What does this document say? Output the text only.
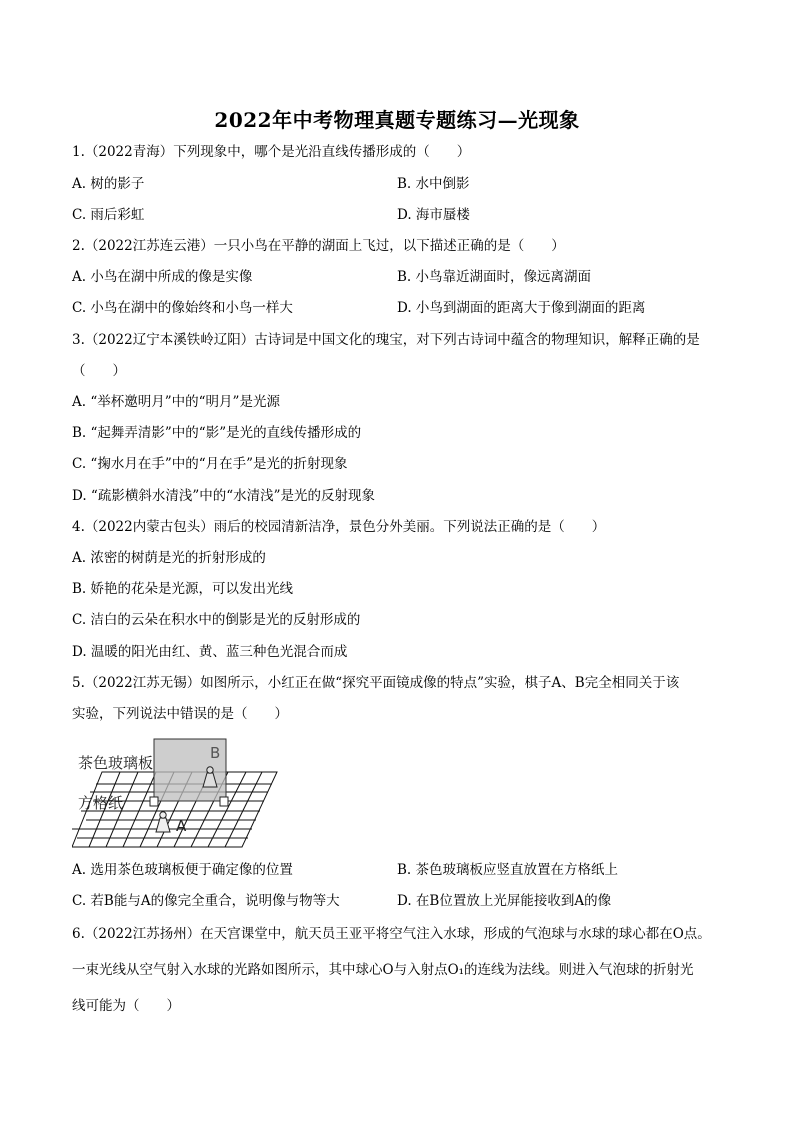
2022年中考物理真题专题练习—光现象
1.（2022青海）下列现象中，哪个是光沿直线传播形成的（　　）
A. 树的影子	B. 水中倒影
C. 雨后彩虹	D. 海市蜃楼
2.（2022江苏连云港）一只小鸟在平静的湖面上飞过，以下描述正确的是（　　）
A. 小鸟在湖中所成的像是实像	B. 小鸟靠近湖面时，像远离湖面
C. 小鸟在湖中的像始终和小鸟一样大	D. 小鸟到湖面的距离大于像到湖面的距离
3.（2022辽宁本溪铁岭辽阳）古诗词是中国文化的瑰宝，对下列古诗词中蕴含的物理知识，解释正确的是
（　　）
A. “举杯邀明月”中的“明月”是光源
B. “起舞弄清影”中的“影”是光的直线传播形成的
C. “掬水月在手”中的“月在手”是光的折射现象
D. “疏影横斜水清浅”中的“水清浅”是光的反射现象
4.（2022内蒙古包头）雨后的校园清新洁净，景色分外美丽。下列说法正确的是（　　）
A. 浓密的树荫是光的折射形成的
B. 娇艳的花朵是光源，可以发出光线
C. 洁白的云朵在积水中的倒影是光的反射形成的
D. 温暖的阳光由红、黄、蓝三种色光混合而成
5.（2022江苏无锡）如图所示，小红正在做“探究平面镜成像的特点”实验，棋子A、B完全相同关于该
实验，下列说法中错误的是（　　）
茶色玻璃板
方格纸
B
A
A. 选用茶色玻璃板便于确定像的位置	B. 茶色玻璃板应竖直放置在方格纸上
C. 若B能与A的像完全重合，说明像与物等大	D. 在B位置放上光屏能接收到A的像
6.（2022江苏扬州）在天宫课堂中，航天员王亚平将空气注入水球，形成的气泡球与水球的球心都在O点。
一束光线从空气射入水球的光路如图所示，其中球心O与入射点O₁的连线为法线。则进入气泡球的折射光
线可能为（　　）
